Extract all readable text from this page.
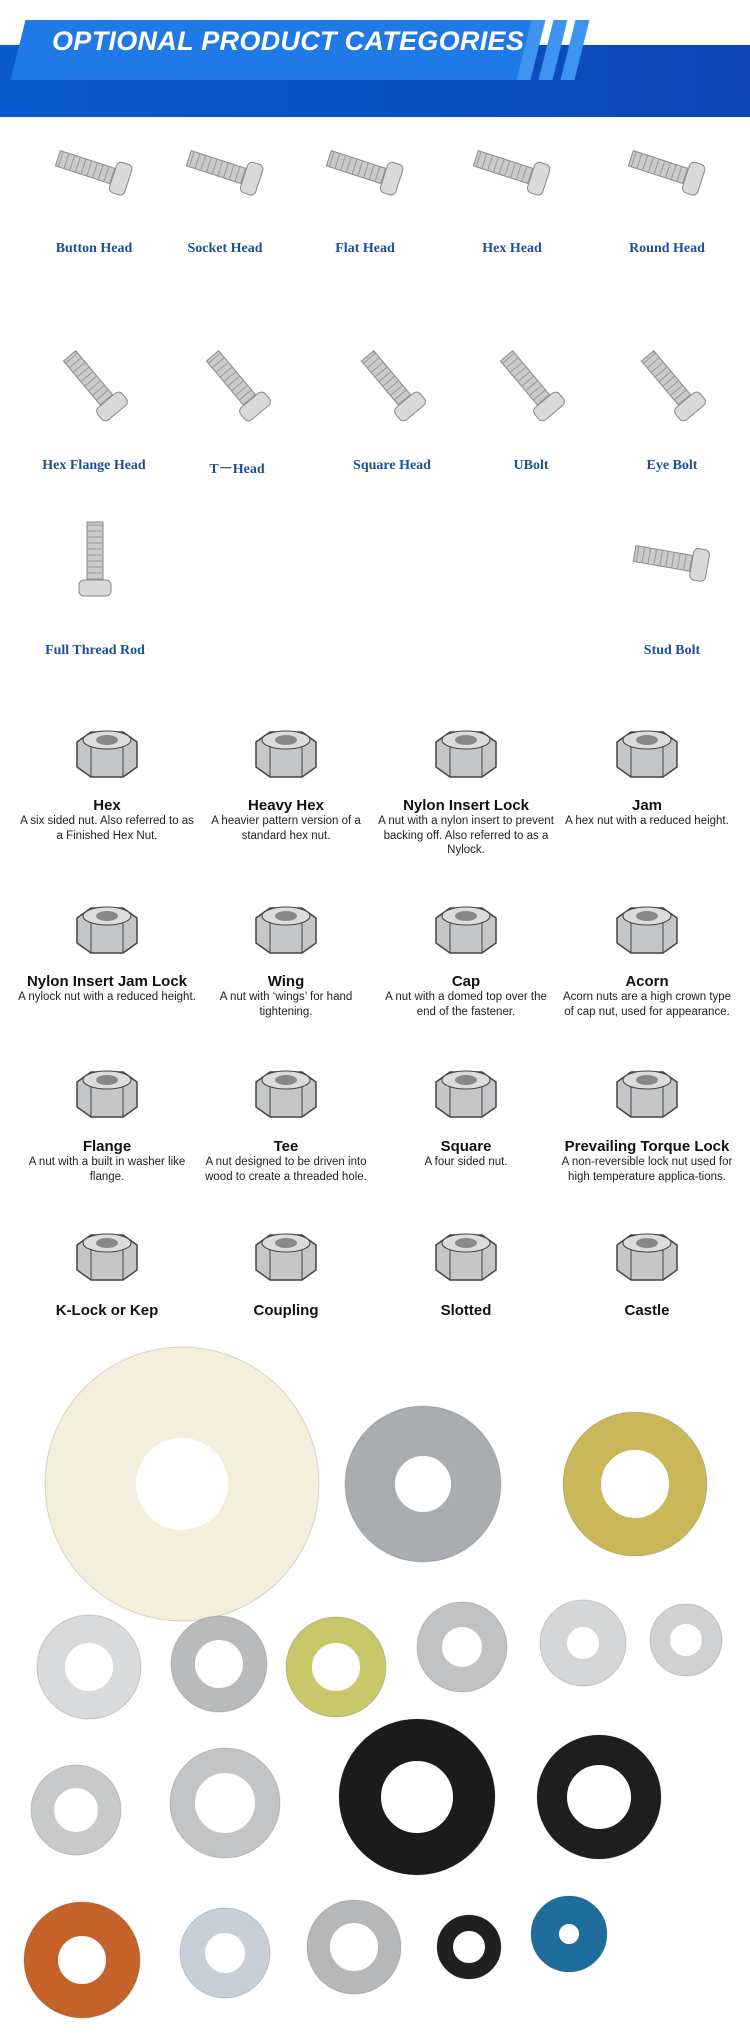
OPTIONAL PRODUCT CATEGORIES
Button Head	Socket Head	Flat Head	Hex Head	Round Head
Hex Flange Head	T－Head	Square Head	UBolt	Eye Bolt
Full Thread Rod	Stud Bolt
Hex
A six sided nut. Also referred to as a Finished Hex Nut.
Heavy Hex
A heavier pattern version of a standard hex nut.
Nylon Insert Lock
A nut with a nylon insert to prevent backing off. Also referred to as a Nylock.
Jam
A hex nut with a reduced height.
Nylon Insert Jam Lock
A nylock nut with a reduced height.
Wing
A nut with ‘wings’ for hand tightening.
Cap
A nut with a domed top over the end of the fastener.
Acorn
Acorn nuts are a high crown type of cap nut, used for appearance.
Flange
A nut with a built in washer like flange.
Tee
A nut designed to be driven into wood to create a threaded hole.
Square
A four sided nut.
Prevailing Torque Lock
A non-reversible lock nut used for high temperature applica-tions.
K-Lock or Kep	Coupling	Slotted	Castle
